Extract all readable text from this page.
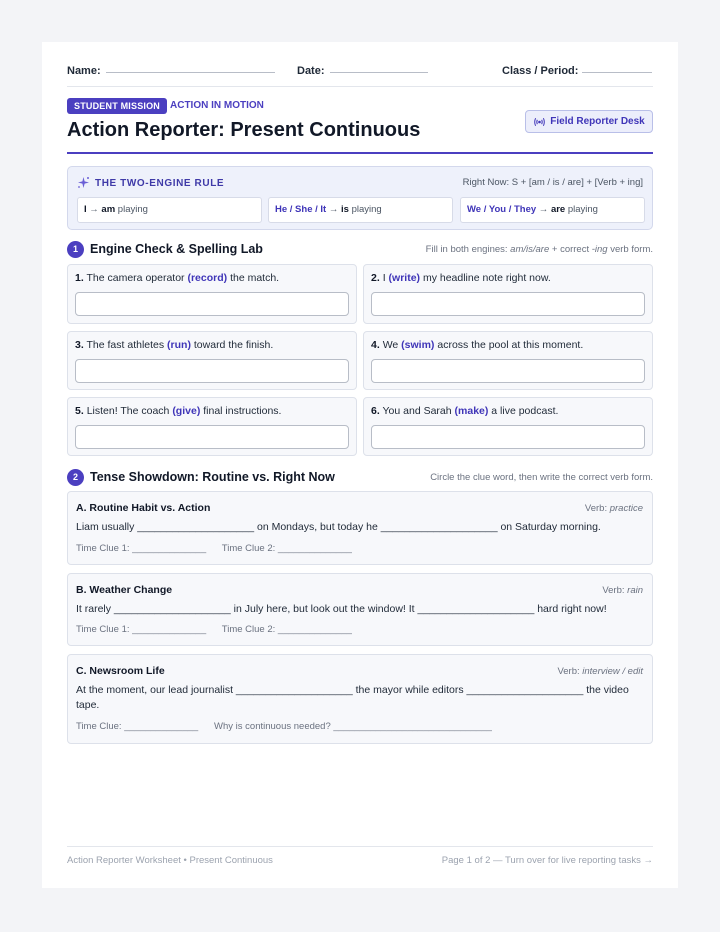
Name:	Date:	Class / Period:
STUDENT MISSION ACTION IN MOTION
Action Reporter: Present Continuous	Field Reporter Desk
THE TWO-ENGINE RULE	Right Now: S + [am / is / are] + [Verb + ing]
I → am playing	He / She / It → is playing	We / You / They → are playing
1 Engine Check & Spelling Lab	Fill in both engines: am/is/are + correct -ing verb form.
1. The camera operator (record) the match.	2. I (write) my headline note right now.
3. The fast athletes (run) toward the finish.	4. We (swim) across the pool at this moment.
5. Listen! The coach (give) final instructions.	6. You and Sarah (make) a live podcast.
2 Tense Showdown: Routine vs. Right Now	Circle the clue word, then write the correct verb form.
A. Routine Habit vs. Action	Verb: practice
Liam usually ____________________ on Mondays, but today he ____________________ on Saturday morning.
Time Clue 1: ______________      Time Clue 2: ______________
B. Weather Change	Verb: rain
It rarely ____________________ in July here, but look out the window! It ____________________ hard right now!
Time Clue 1: ______________      Time Clue 2: ______________
C. Newsroom Life	Verb: interview / edit
At the moment, our lead journalist ____________________ the mayor while editors ____________________ the video tape.
Time Clue: ______________      Why is continuous needed? ______________________________
Action Reporter Worksheet • Present Continuous	Page 1 of 2 — Turn over for live reporting tasks →
